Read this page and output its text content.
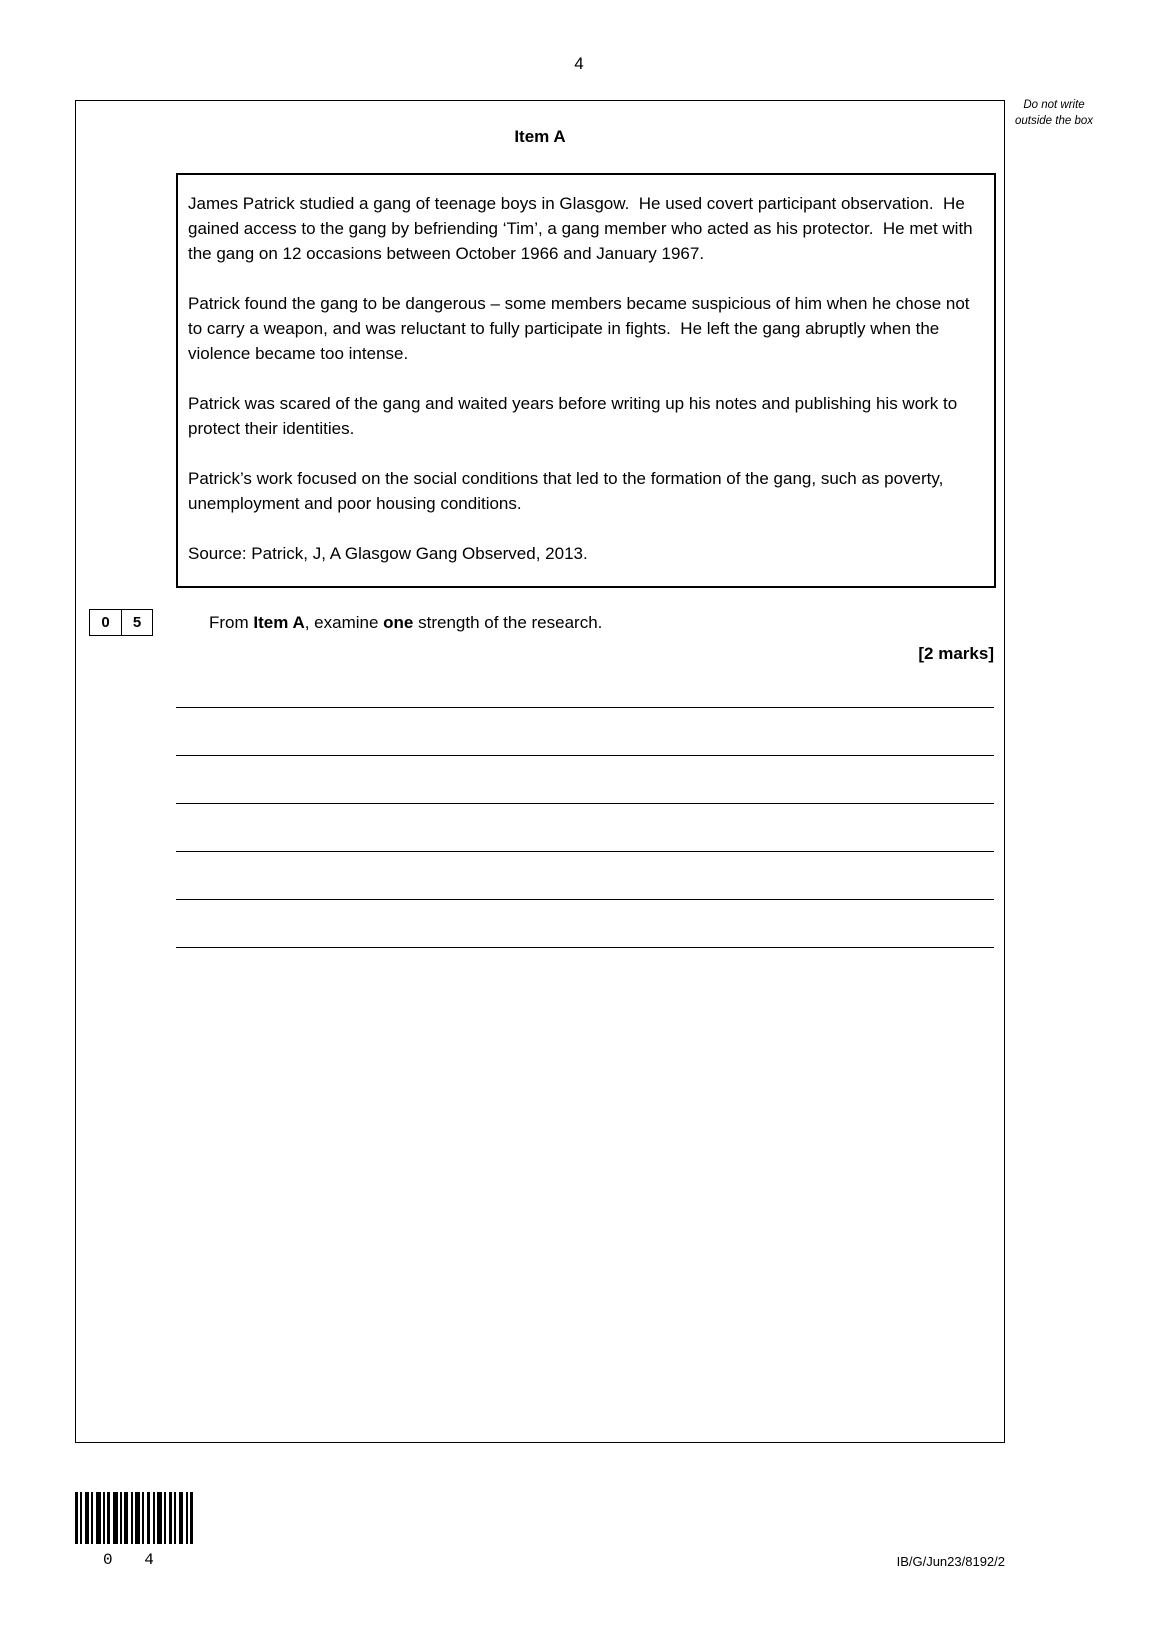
4
Do not write outside the box
Item A

James Patrick studied a gang of teenage boys in Glasgow.  He used covert participant observation.  He gained access to the gang by befriending ‘Tim’, a gang member who acted as his protector.  He met with the gang on 12 occasions between October 1966 and January 1967.

Patrick found the gang to be dangerous – some members became suspicious of him when he chose not to carry a weapon, and was reluctant to fully participate in fights.  He left the gang abruptly when the violence became too intense.

Patrick was scared of the gang and waited years before writing up his notes and publishing his work to protect their identities.

Patrick’s work focused on the social conditions that led to the formation of the gang, such as poverty, unemployment and poor housing conditions.

Source: Patrick, J, A Glasgow Gang Observed, 2013.

0	5	From Item A, examine one strength of the research.
[2 marks]
0 4	IB/G/Jun23/8192/2
